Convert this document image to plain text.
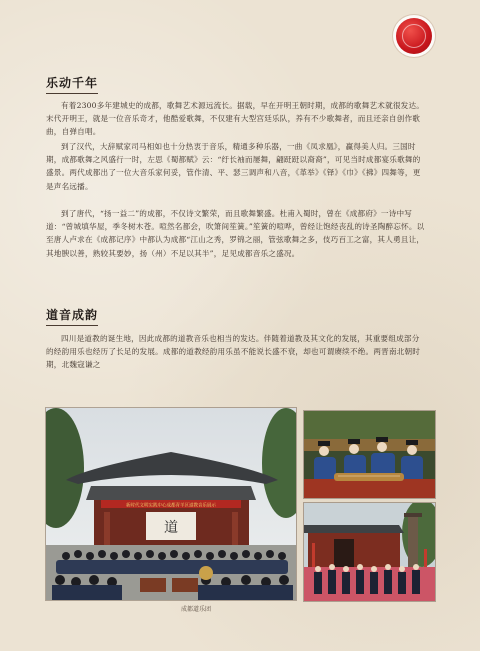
乐动千年

有着2300多年建城史的成都，歌舞艺术源远流长。据载，早在开明王朝时期，成都的歌舞艺术就很发达。末代开明王，就是一位音乐奇才，他酷爱歌舞，不仅建有大型宫廷乐队，养有不少歌舞者，而且还亲自创作歌曲，自弹自唱。

到了汉代，大辞赋家司马相如也十分热衷于音乐，精通多种乐器，一曲《凤求凰》，赢得美人归。三国时期，成都歌舞之风盛行一时，左思《蜀都赋》云：“纡长袖而屡舞，翩跹跹以裔裔”，可见当时成都宴乐歌舞的盛景。两代成都出了一位大音乐家何妥，管作清、平、瑟三调声和八音，《革举》《铎》《巾》《拂》四舞等，更是声名远播。

到了唐代，“扬一益二”的成都，不仅诗文繁荣，而且歌舞繁盛。杜甫入蜀时，曾在《成都府》一诗中写道：“曾城填华屋，季冬树木苍。喧然名都会，吹箫间笙簧。”笙簧的喧哗，曾经让饱经丧乱的诗圣陶醉忘怀。以至唐人卢求在《成都记序》中都认为成都“江山之秀，罗锦之丽，管弦歌舞之多，伎巧百工之富，其人勇且让，其地腴以善，熟较其要妙，扬（州）不足以其半”，足见成都音乐之盛况。

道音成韵

四川是道教的诞生地，因此成都的道教音乐也相当的发达。伴随着道教及其文化的发展，其重要组成部分的经韵用乐也经历了长足的发展。成都的道教经韵用乐虽不能说长盛不衰，却也可谓赓续不绝。两晋南北朝时期，北魏寇谦之

新时代文明实践中心成都青羊区道教音乐展示
道
成都道乐团
